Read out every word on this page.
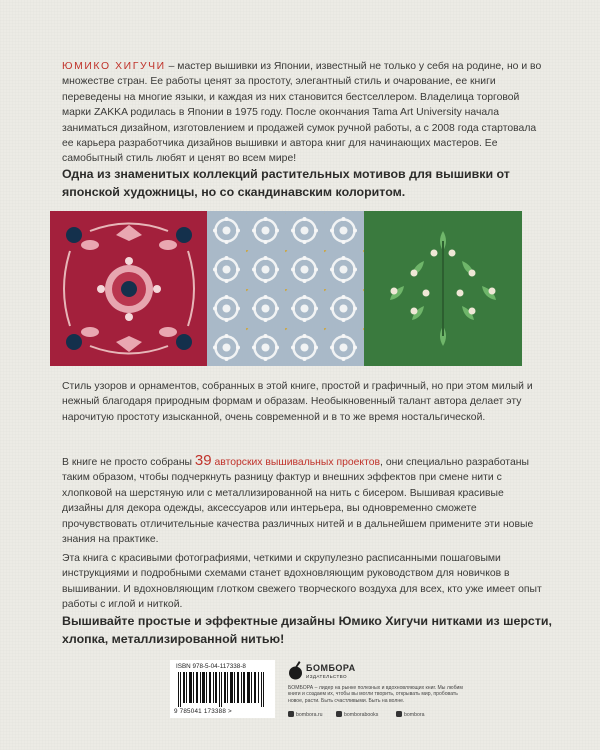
ЮМИКО ХИГУЧИ – мастер вышивки из Японии, известный не только у себя на родине, но и во множестве стран. Ее работы ценят за простоту, элегантный стиль и очарование, ее книги переведены на многие языки, и каждая из них становится бестселлером. Владелица торговой марки ZAKKA родилась в Японии в 1975 году. После окончания Tama Art University начала заниматься дизайном, изготовлением и продажей сумок ручной работы, а с 2008 года стартовала ее карьера разработчика дизайнов вышивки и автора книг для начинающих мастеров. Ее самобытный стиль любят и ценят во всем мире!

Одна из знаменитых коллекций растительных мотивов для вышивки от японской художницы, но со скандинавским колоритом.

Стиль узоров и орнаментов, собранных в этой книге, простой и графичный, но при этом милый и нежный благодаря природным формам и образам. Необыкновенный талант автора делает эту нарочитую простоту изысканной, очень современной и в то же время ностальгической.

В книге не просто собраны 39 авторских вышивальных проектов, они специально разработаны таким образом, чтобы подчеркнуть разницу фактур и внешних эффектов при смене нити с хлопковой на шерстяную или с металлизированной на нить с бисером. Вышивая красивые дизайны для декора одежды, аксессуаров или интерьера, вы одновременно сможете прочувствовать отличительные качества различных нитей и в дальнейшем примените эти новые знания на практике.

Эта книга с красивыми фотографиями, четкими и скрупулезно расписанными пошаговыми инструкциями и подробными схемами станет вдохновляющим руководством для новичков в вышивании. И вдохновляющим глотком свежего творческого воздуха для всех, кто уже имеет опыт работы с иглой и ниткой.

Вышивайте простые и эффектные дизайны Юмико Хигучи нитками из шерсти, хлопка, металлизированной нитью!
ISBN 978-5-04-117338-8
9 785041 173388 >
БОМБОРА
ИЗДАТЕЛЬСТВО
БОМБОРА – лидер на рынке полезных и вдохновляющих книг. Мы любим книги и создаем их, чтобы вы могли творить, открывать мир, пробовать новое, расти. Быть счастливыми. Быть на волне.
bombora.ru	bomborabooks	bombora
